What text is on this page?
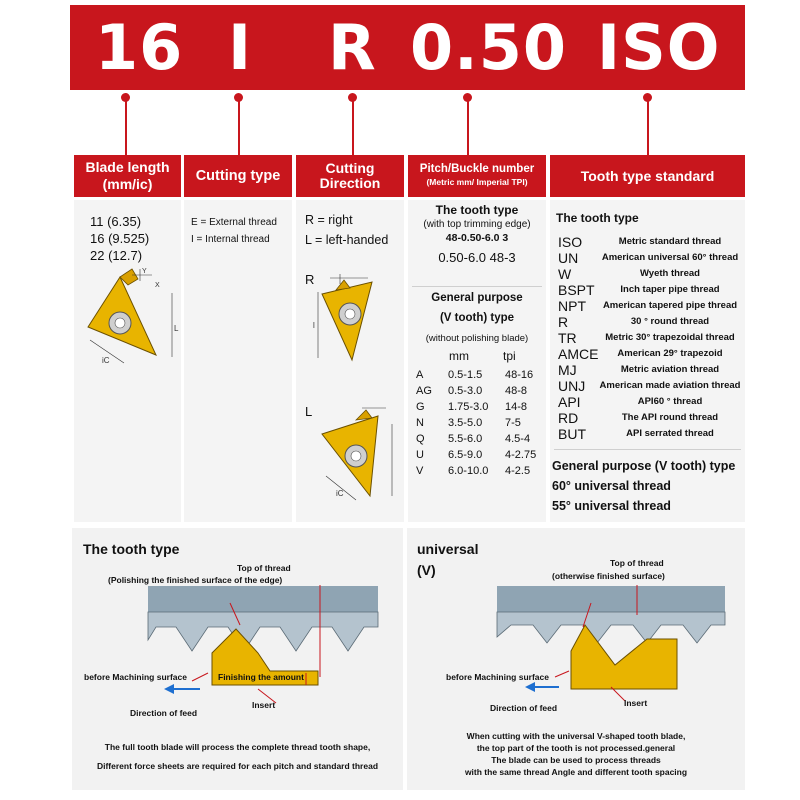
16 I R 0.50 ISO
Blade length
(mm/ic)	Cutting type	Cutting
Direction
Pitch/Buckle number
(Metric mm/ Imperial TPI)	Tooth type standard
11 (6.35)
16 (9.525)
22 (12.7)
Y
X
L
iC
E = External thread
I = Internal thread
R = right
L = left-handed
R
L
l
iC
The tooth type
(with top trimming edge)
48-0.50-6.0 3
0.50-6.0 48-3
General purpose
(V tooth) type
(without polishing blade)
mm	tpi
A 0.5-1.5 48-16
AG 0.5-3.0 48-8
G 1.75-3.0 14-8
N 3.5-5.0 7-5
Q 5.5-6.0 4.5-4
U 6.5-9.0 4-2.75
V 6.0-10.0 4-2.5
The tooth type
ISO	Metric standard thread
UN	American universal 60° thread
W	Wyeth thread
BSPT	Inch taper pipe thread
NPT	American tapered pipe thread
R	30 ° round thread
TR	Metric 30° trapezoidal thread
AMCE	American 29° trapezoid
MJ	Metric aviation thread
UNJ	American made aviation thread
API	API60 ° thread
RD	The API round thread
BUT	API serrated thread
General purpose (V tooth) type
60° universal thread
55° universal thread
The tooth type
Top of thread
(Polishing the finished surface of the edge)
before Machining surface	Finishing the amount
Insert
Direction of feed
The full tooth blade will process the complete thread tooth shape,
Different force sheets are required for each pitch and standard thread
universal
(V)	Top of thread
(otherwise finished surface)
before Machining surface
Insert
Direction of feed
When cutting with the universal V-shaped tooth blade,
the top part of the tooth is not processed.general
The blade can be used to process threads
with the same thread Angle and different tooth spacing
